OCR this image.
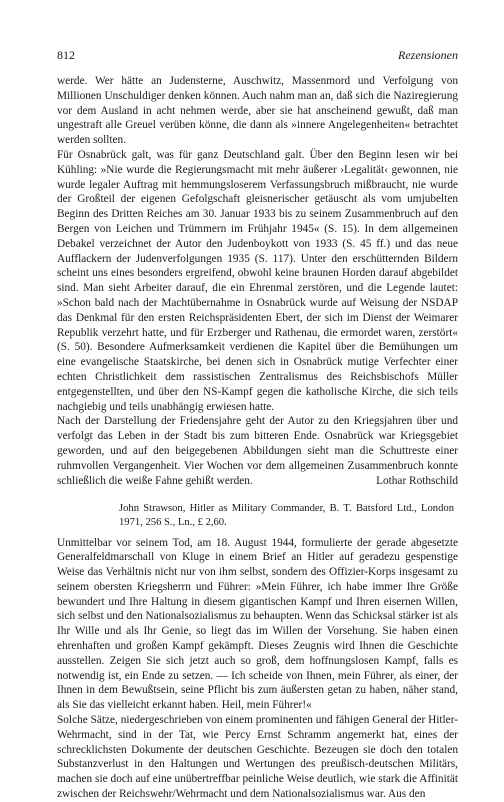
812	Rezensionen

werde. Wer hätte an Judensterne, Auschwitz, Massenmord und Verfolgung von Millionen Unschuldiger denken können. Auch nahm man an, daß sich die Naziregierung vor dem Ausland in acht nehmen werde, aber sie hat anscheinend gewußt, daß man ungestraft alle Greuel verüben könne, die dann als »innere Angelegenheiten« betrachtet werden sollten.

Für Osnabrück galt, was für ganz Deutschland galt. Über den Beginn lesen wir bei Kühling: »Nie wurde die Regierungsmacht mit mehr äußerer ›Legalität‹ gewonnen, nie wurde legaler Auftrag mit hemmungsloserem Verfassungsbruch mißbraucht, nie wurde der Großteil der eigenen Gefolgschaft gleisnerischer getäuscht als vom umjubelten Beginn des Dritten Reiches am 30. Januar 1933 bis zu seinem Zusammenbruch auf den Bergen von Leichen und Trümmern im Frühjahr 1945« (S. 15). In dem allgemeinen Debakel verzeichnet der Autor den Judenboykott von 1933 (S. 45 ff.) und das neue Aufflackern der Judenverfolgungen 1935 (S. 117). Unter den erschütternden Bildern scheint uns eines besonders ergreifend, obwohl keine braunen Horden darauf abgebildet sind. Man sieht Arbeiter darauf, die ein Ehrenmal zerstören, und die Legende lautet: »Schon bald nach der Machtübernahme in Osnabrück wurde auf Weisung der NSDAP das Denkmal für den ersten Reichspräsidenten Ebert, der sich im Dienst der Weimarer Republik verzehrt hatte, und für Erzberger und Rathenau, die ermordet waren, zerstört« (S. 50). Besondere Aufmerksamkeit verdienen die Kapitel über die Bemühungen um eine evangelische Staatskirche, bei denen sich in Osnabrück mutige Verfechter einer echten Christlichkeit dem rassistischen Zentralismus des Reichsbischofs Müller entgegenstellten, und über den NS-Kampf gegen die katholische Kirche, die sich teils nachgiebig und teils unabhängig erwiesen hatte.

Nach der Darstellung der Friedensjahre geht der Autor zu den Kriegsjahren über und verfolgt das Leben in der Stadt bis zum bitteren Ende. Osnabrück war Kriegsgebiet geworden, und auf den beigegebenen Abbildungen sieht man die Schuttreste einer ruhmvollen Vergangenheit. Vier Wochen vor dem allgemeinen Zusammenbruch konnte schließlich die weiße Fahne gehißt werden.	Lothar Rothschild
John Strawson, Hitler as Military Commander, B. T. Batsford Ltd., London 1971, 256 S., Ln., £ 2,60.

Unmittelbar vor seinem Tod, am 18. August 1944, formulierte der gerade abgesetzte Generalfeldmarschall von Kluge in einem Brief an Hitler auf geradezu gespenstige Weise das Verhältnis nicht nur von ihm selbst, sondern des Offizier-Korps insgesamt zu seinem obersten Kriegsherrn und Führer: »Mein Führer, ich habe immer Ihre Größe bewundert und Ihre Haltung in diesem gigantischen Kampf und Ihren eisernen Willen, sich selbst und den Nationalsozialismus zu behaupten. Wenn das Schicksal stärker ist als Ihr Wille und als Ihr Genie, so liegt das im Willen der Vorsehung. Sie haben einen ehrenhaften und großen Kampf gekämpft. Dieses Zeugnis wird Ihnen die Geschichte ausstellen. Zeigen Sie sich jetzt auch so groß, dem hoffnungslosen Kampf, falls es notwendig ist, ein Ende zu setzen. — Ich scheide von Ihnen, mein Führer, als einer, der Ihnen in dem Bewußtsein, seine Pflicht bis zum äußersten getan zu haben, näher stand, als Sie das vielleicht erkannt haben. Heil, mein Führer!«

Solche Sätze, niedergeschrieben von einem prominenten und fähigen General der Hitler-Wehrmacht, sind in der Tat, wie Percy Ernst Schramm angemerkt hat, eines der schrecklichsten Dokumente der deutschen Geschichte. Bezeugen sie doch den totalen Substanzverlust in den Haltungen und Wertungen des preußisch-deutschen Militärs, machen sie doch auf eine unübertreffbar peinliche Weise deutlich, wie stark die Affinität zwischen der Reichswehr/Wehrmacht und dem Nationalsozialismus war. Aus den
